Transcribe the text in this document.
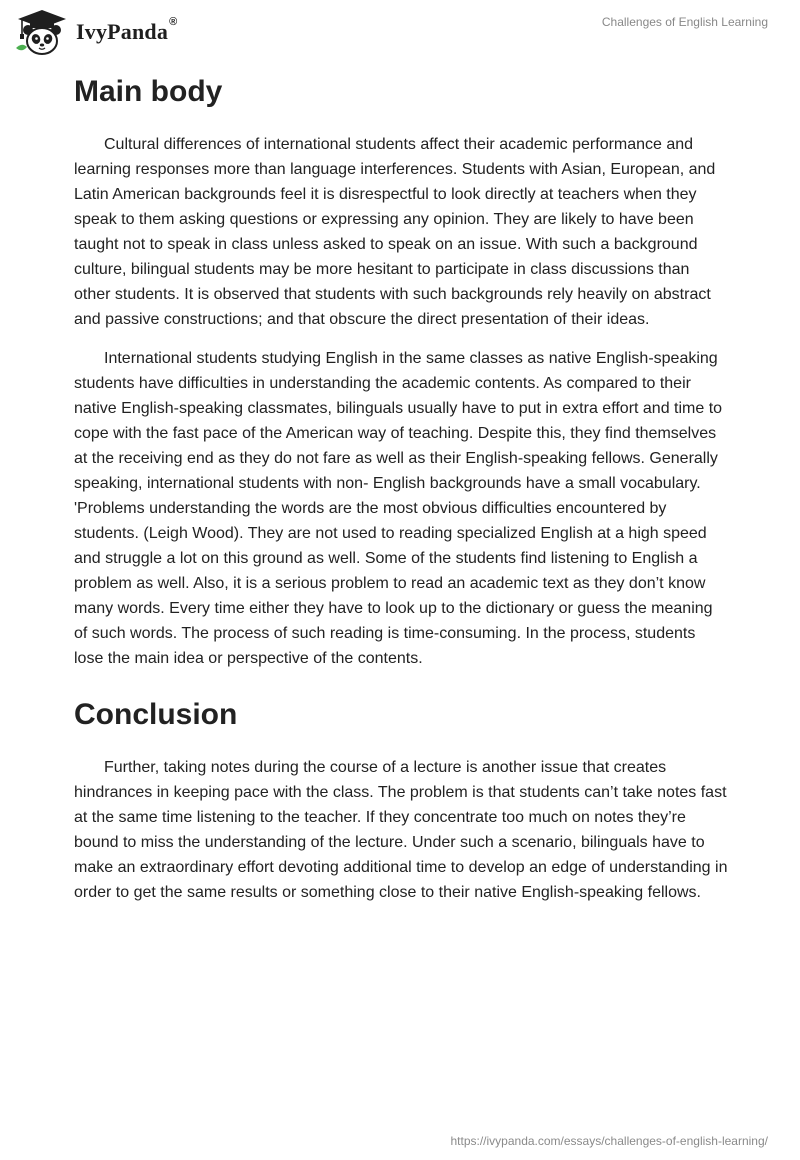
IvyPanda®	Challenges of English Learning
Main body

Cultural differences of international students affect their academic performance and learning responses more than language interferences. Students with Asian, European, and Latin American backgrounds feel it is disrespectful to look directly at teachers when they speak to them asking questions or expressing any opinion. They are likely to have been taught not to speak in class unless asked to speak on an issue. With such a background culture, bilingual students may be more hesitant to participate in class discussions than other students. It is observed that students with such backgrounds rely heavily on abstract and passive constructions; and that obscure the direct presentation of their ideas.

International students studying English in the same classes as native English-speaking students have difficulties in understanding the academic contents. As compared to their native English-speaking classmates, bilinguals usually have to put in extra effort and time to cope with the fast pace of the American way of teaching. Despite this, they find themselves at the receiving end as they do not fare as well as their English-speaking fellows. Generally speaking, international students with non- English backgrounds have a small vocabulary. 'Problems understanding the words are the most obvious difficulties encountered by students. (Leigh Wood). They are not used to reading specialized English at a high speed and struggle a lot on this ground as well. Some of the students find listening to English a problem as well. Also, it is a serious problem to read an academic text as they don’t know many words. Every time either they have to look up to the dictionary or guess the meaning of such words. The process of such reading is time-consuming. In the process, students lose the main idea or perspective of the contents.

Conclusion

Further, taking notes during the course of a lecture is another issue that creates hindrances in keeping pace with the class. The problem is that students can’t take notes fast at the same time listening to the teacher. If they concentrate too much on notes they’re bound to miss the understanding of the lecture. Under such a scenario, bilinguals have to make an extraordinary effort devoting additional time to develop an edge of understanding in order to get the same results or something close to their native English-speaking fellows.

https://ivypanda.com/essays/challenges-of-english-learning/
